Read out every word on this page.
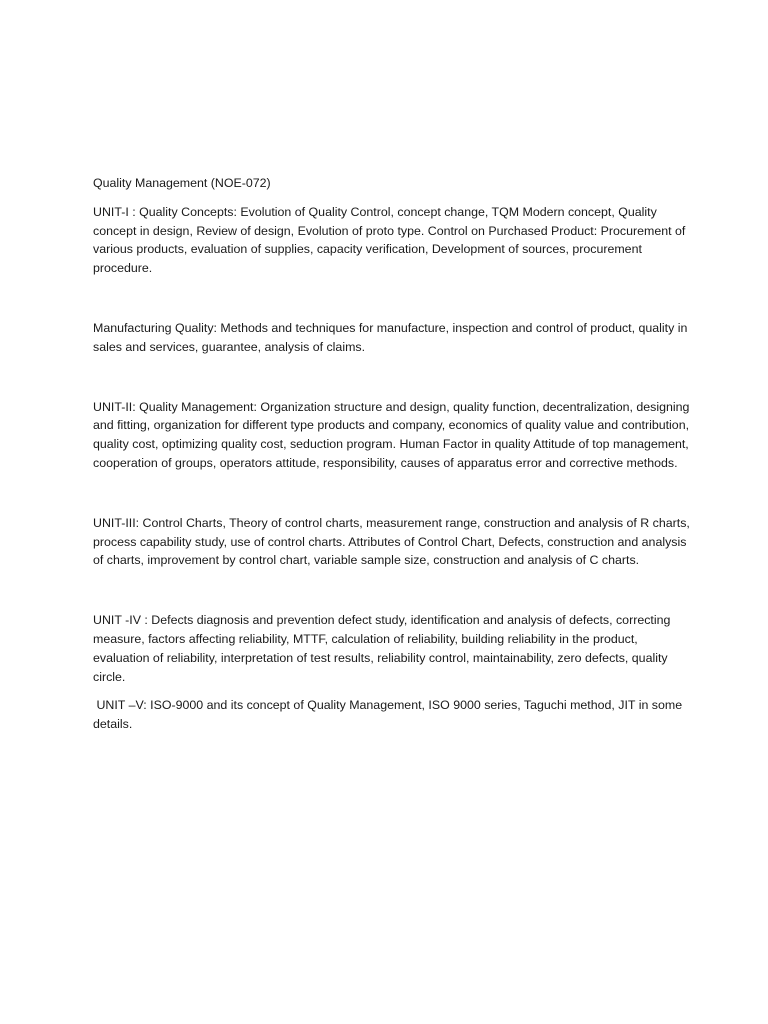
Quality Management (NOE-072)

UNIT-I : Quality Concepts: Evolution of Quality Control, concept change, TQM Modern concept, Quality concept in design, Review of design, Evolution of proto type. Control on Purchased Product: Procurement of various products, evaluation of supplies, capacity verification, Development of sources, procurement procedure.

Manufacturing Quality: Methods and techniques for manufacture, inspection and control of product, quality in sales and services, guarantee, analysis of claims.

UNIT-II: Quality Management: Organization structure and design, quality function, decentralization, designing and fitting, organization for different type products and company, economics of quality value and contribution, quality cost, optimizing quality cost, seduction program. Human Factor in quality Attitude of top management, cooperation of groups, operators attitude, responsibility, causes of apparatus error and corrective methods.

UNIT-III: Control Charts, Theory of control charts, measurement range, construction and analysis of R charts, process capability study, use of control charts. Attributes of Control Chart, Defects, construction and analysis of charts, improvement by control chart, variable sample size, construction and analysis of C charts.

UNIT -IV : Defects diagnosis and prevention defect study, identification and analysis of defects, correcting measure, factors affecting reliability, MTTF, calculation of reliability, building reliability in the product, evaluation of reliability, interpretation of test results, reliability control, maintainability, zero defects, quality circle.

UNIT –V: ISO-9000 and its concept of Quality Management, ISO 9000 series, Taguchi method, JIT in some details.
